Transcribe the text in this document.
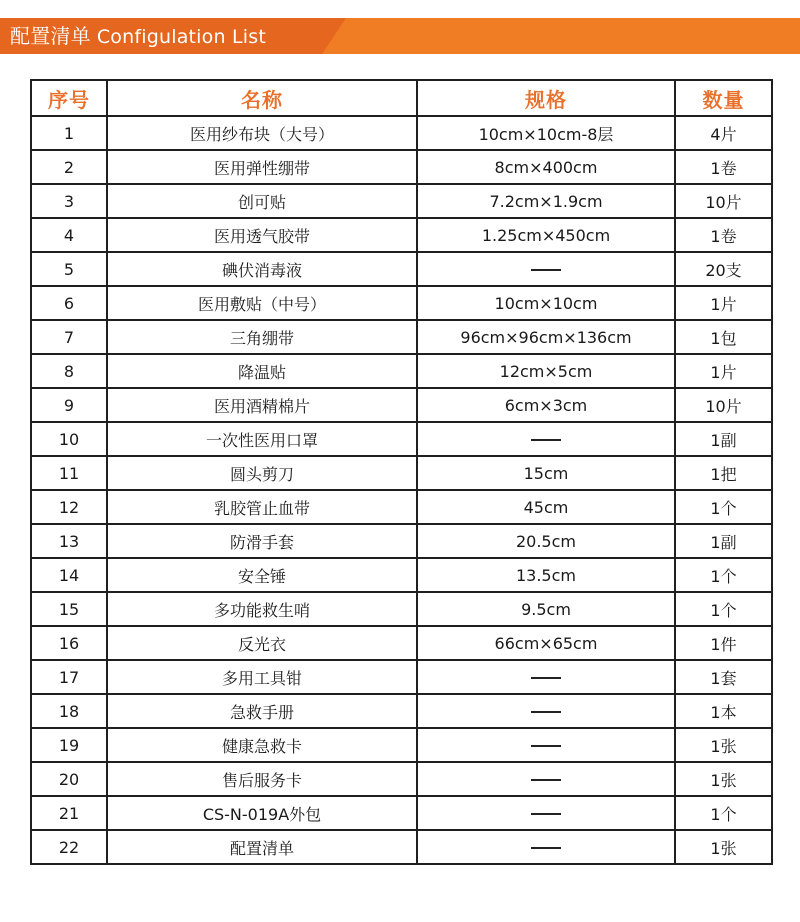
配置清单 Configulation List
序号	名称	规格	数量
1	医用纱布块（大号）	10cm×10cm-8层	4片
2	医用弹性绷带	8cm×400cm	1卷
3	创可贴	7.2cm×1.9cm	10片
4	医用透气胶带	1.25cm×450cm	1卷
5	碘伏消毒液		20支
6	医用敷贴（中号）	10cm×10cm	1片
7	三角绷带	96cm×96cm×136cm	1包
8	降温贴	12cm×5cm	1片
9	医用酒精棉片	6cm×3cm	10片
10	一次性医用口罩		1副
11	圆头剪刀	15cm	1把
12	乳胶管止血带	45cm	1个
13	防滑手套	20.5cm	1副
14	安全锤	13.5cm	1个
15	多功能救生哨	9.5cm	1个
16	反光衣	66cm×65cm	1件
17	多用工具钳		1套
18	急救手册		1本
19	健康急救卡		1张
20	售后服务卡		1张
21	CS-N-019A外包		1个
22	配置清单		1张
